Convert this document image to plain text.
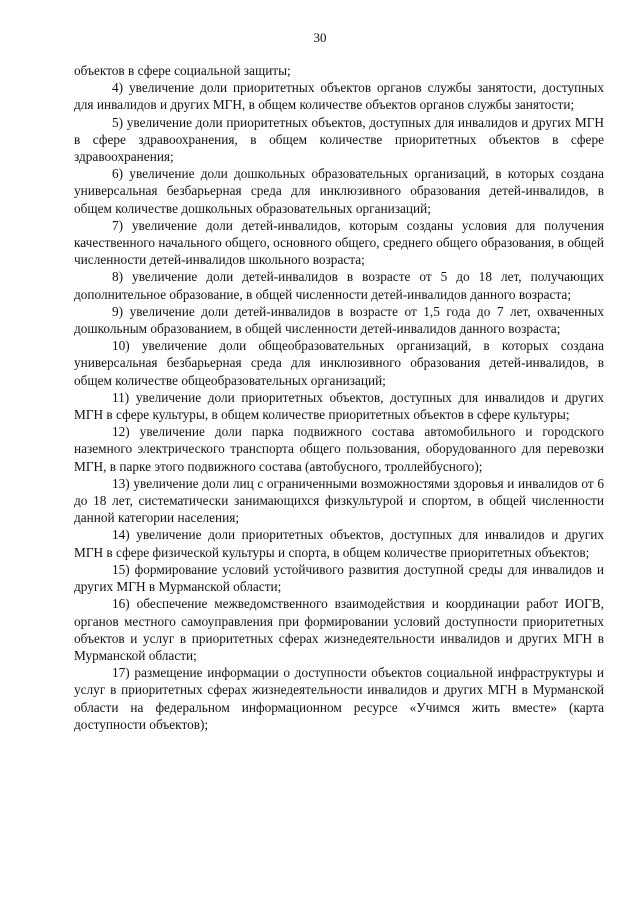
30

объектов в сфере социальной защиты;

4) увеличение доли приоритетных объектов органов службы занятости, доступных для инвалидов и других МГН, в общем количестве объектов органов службы занятости;

5) увеличение доли приоритетных объектов, доступных для инвалидов и других МГН в сфере здравоохранения, в общем количестве приоритетных объектов в сфере здравоохранения;

6) увеличение доли дошкольных образовательных организаций, в которых создана универсальная безбарьерная среда для инклюзивного образования детей-инвалидов, в общем количестве дошкольных образовательных организаций;

7) увеличение доли детей-инвалидов, которым созданы условия для получения качественного начального общего, основного общего, среднего общего образования, в общей численности детей-инвалидов школьного возраста;

8) увеличение доли детей-инвалидов в возрасте от 5 до 18 лет, получающих дополнительное образование, в общей численности детей-инвалидов данного возраста;

9) увеличение доли детей-инвалидов в возрасте от 1,5 года до 7 лет, охваченных дошкольным образованием, в общей численности детей-инвалидов данного возраста;

10) увеличение доли общеобразовательных организаций, в которых создана универсальная безбарьерная среда для инклюзивного образования детей-инвалидов, в общем количестве общеобразовательных организаций;

11) увеличение доли приоритетных объектов, доступных для инвалидов и других МГН в сфере культуры, в общем количестве приоритетных объектов в сфере культуры;

12) увеличение доли парка подвижного состава автомобильного и городского наземного электрического транспорта общего пользования, оборудованного для перевозки МГН, в парке этого подвижного состава (автобусного, троллейбусного);

13) увеличение доли лиц с ограниченными возможностями здоровья и инвалидов от 6 до 18 лет, систематически занимающихся физкультурой и спортом, в общей численности данной категории населения;

14) увеличение доли приоритетных объектов, доступных для инвалидов и других МГН в сфере физической культуры и спорта, в общем количестве приоритетных объектов;

15) формирование условий устойчивого развития доступной среды для инвалидов и других МГН в Мурманской области;

16) обеспечение межведомственного взаимодействия и координации работ ИОГВ, органов местного самоуправления при формировании условий доступности приоритетных объектов и услуг в приоритетных сферах жизнедеятельности инвалидов и других МГН в Мурманской области;

17) размещение информации о доступности объектов социальной инфраструктуры и услуг в приоритетных сферах жизнедеятельности инвалидов и других МГН в Мурманской области на федеральном информационном ресурсе «Учимся жить вместе» (карта доступности объектов);
